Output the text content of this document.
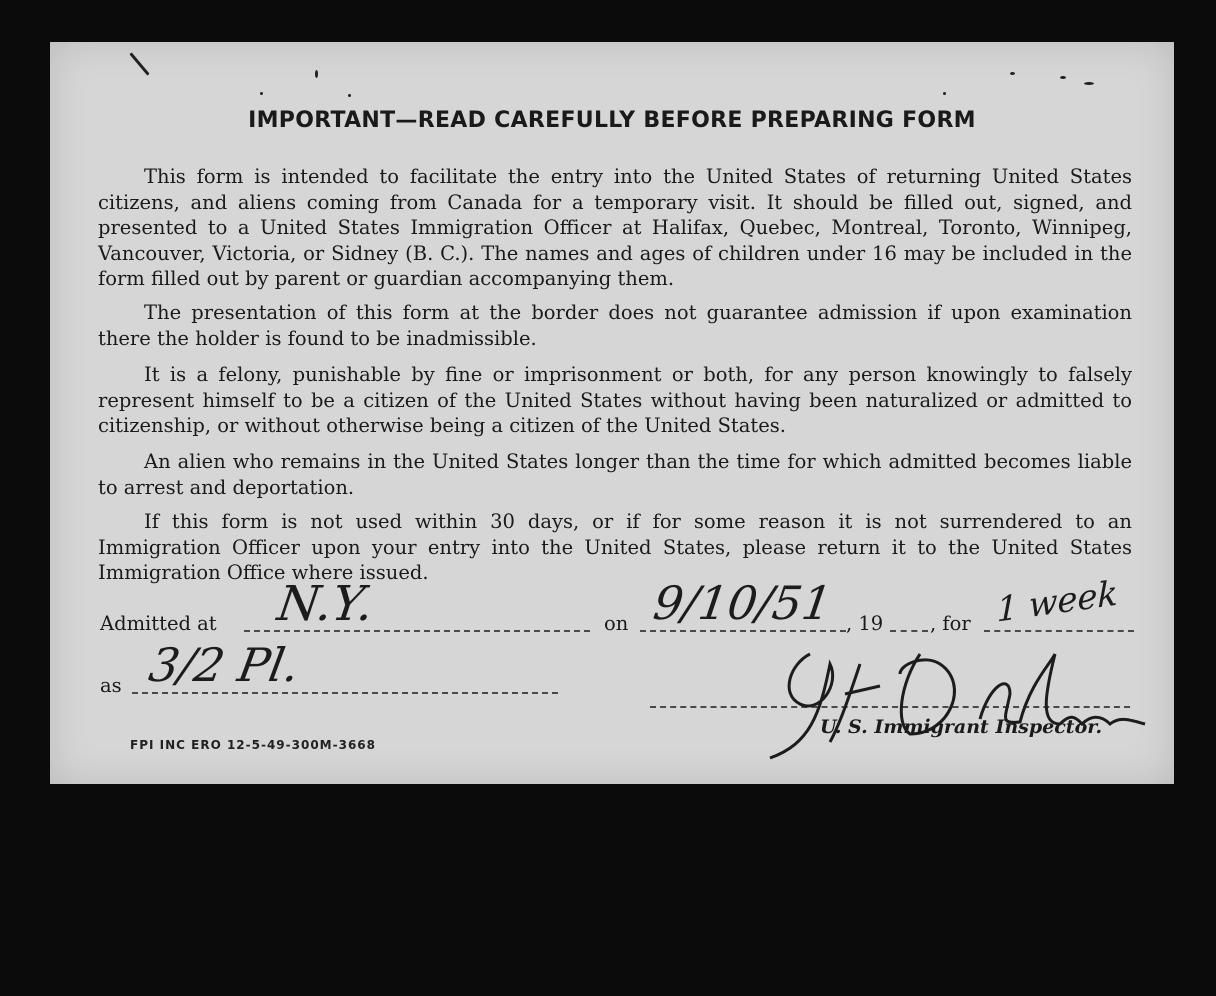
IMPORTANT—READ CAREFULLY BEFORE PREPARING FORM
This form is intended to facilitate the entry into the United States of returning United States citizens, and aliens coming from Canada for a temporary visit. It should be filled out, signed, and presented to a United States Immigration Officer at Halifax, Quebec, Montreal, Toronto, Winnipeg, Vancouver, Victoria, or Sidney (B. C.). The names and ages of children under 16 may be included in the form filled out by parent or guardian accompanying them.
The presentation of this form at the border does not guarantee admission if upon examination there the holder is found to be inadmissible.
It is a felony, punishable by fine or imprisonment or both, for any person knowingly to falsely represent himself to be a citizen of the United States without having been naturalized or admitted to citizenship, or without otherwise being a citizen of the United States.
An alien who remains in the United States longer than the time for which admitted becomes liable to arrest and deportation.
If this form is not used within 30 days, or if for some reason it is not surrendered to an Immigration Officer upon your entry into the United States, please return it to the United States Immigration Office where issued.
Admitted at N.Y.	on 9/10/51 , 19 , for 1 week
as 3/2 Pl.
U. S. Immigrant Inspector.
FPI INC ERO 12-5-49-300M-3668
